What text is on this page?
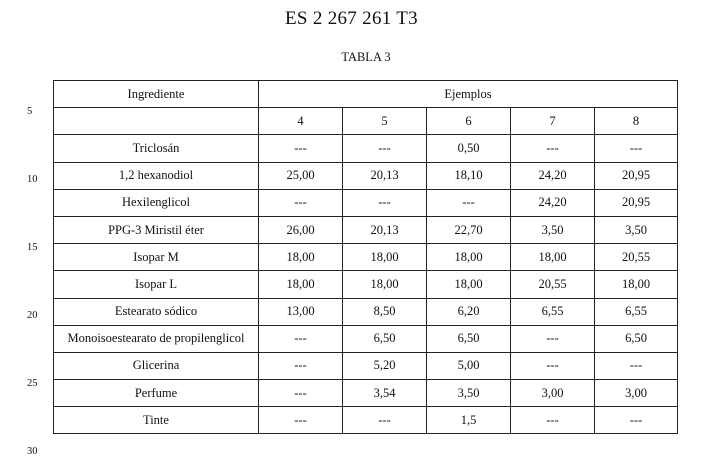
ES 2 267 261 T3
TABLA 3
5
10
15
20
25
30
Ingrediente	Ejemplos				
	4	5	6	7	8
Triclosán	---	---	0,50	---	---
1,2 hexanodiol	25,00	20,13	18,10	24,20	20,95
Hexilenglicol	---	---	---	24,20	20,95
PPG-3 Miristil éter	26,00	20,13	22,70	3,50	3,50
Isopar M	18,00	18,00	18,00	18,00	20,55
Isopar L	18,00	18,00	18,00	20,55	18,00
Estearato sódico	13,00	8,50	6,20	6,55	6,55
Monoisoestearato de propilenglicol	---	6,50	6,50	---	6,50
Glicerina	---	5,20	5,00	---	---
Perfume	---	3,54	3,50	3,00	3,00
Tinte	---	---	1,5	---	---
